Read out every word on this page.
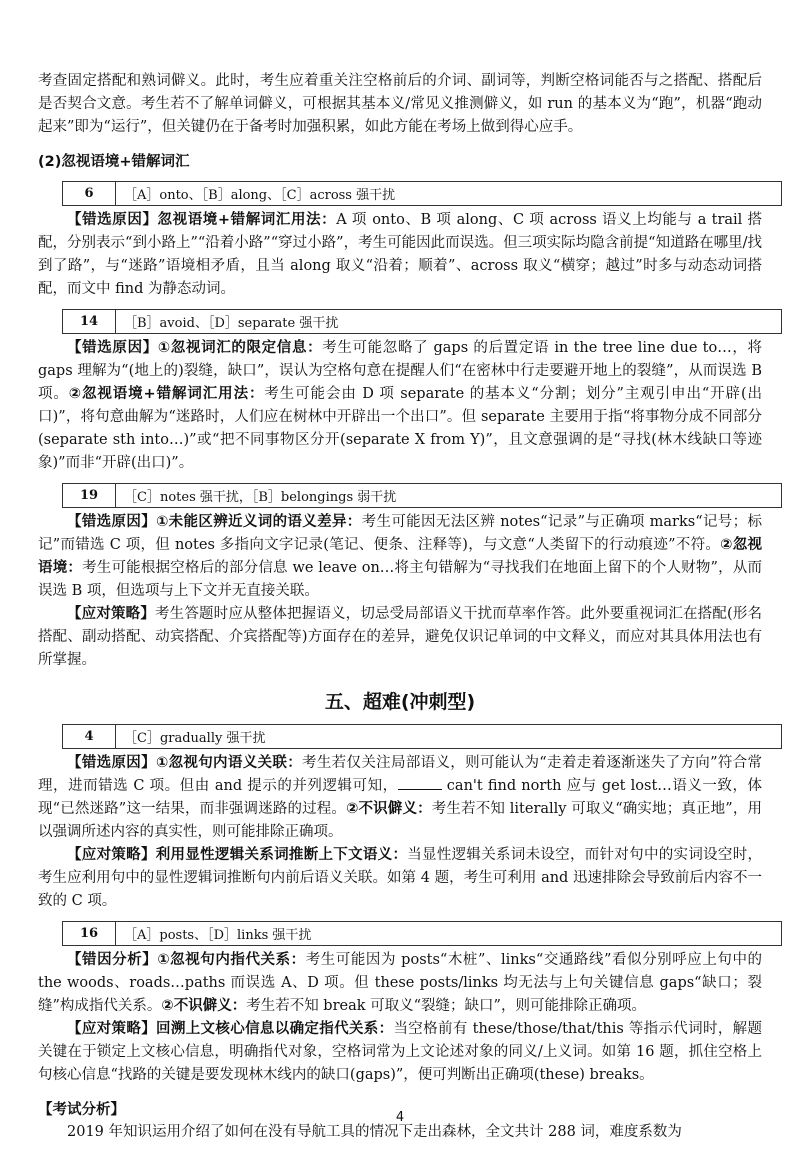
考查固定搭配和熟词僻义。此时，考生应着重关注空格前后的介词、副词等，判断空格词能否与之搭配、搭配后是否契合文意。考生若不了解单词僻义，可根据其基本义/常见义推测僻义，如 run 的基本义为“跑”，机器“跑动起来”即为“运行”，但关键仍在于备考时加强积累，如此方能在考场上做到得心应手。

(2)忽视语境+错解词汇
6	［A］onto、［B］along、［C］across 强干扰

【错选原因】忽视语境+错解词汇用法：A 项 onto、B 项 along、C 项 across 语义上均能与 a trail 搭配，分别表示“到小路上”“沿着小路”“穿过小路”，考生可能因此而误选。但三项实际均隐含前提“知道路在哪里/找到了路”，与“迷路”语境相矛盾，且当 along 取义“沿着；顺着”、across 取义“横穿；越过”时多与动态动词搭配，而文中 find 为静态动词。

14	［B］avoid、［D］separate 强干扰

【错选原因】①忽视词汇的限定信息：考生可能忽略了 gaps 的后置定语 in the tree line due to…，将 gaps 理解为“(地上的)裂缝，缺口”，误认为空格句意在提醒人们“在密林中行走要避开地上的裂缝”，从而误选 B 项。②忽视语境+错解词汇用法：考生可能会由 D 项 separate 的基本义“分割；划分”主观引申出“开辟(出口)”，将句意曲解为“迷路时，人们应在树林中开辟出一个出口”。但 separate 主要用于指“将事物分成不同部分(separate sth into…)”或“把不同事物区分开(separate X from Y)”，且文意强调的是“寻找(林木线缺口等迹象)”而非“开辟(出口)”。

19	［C］notes 强干扰，［B］belongings 弱干扰

【错选原因】①未能区辨近义词的语义差异：考生可能因无法区辨 notes“记录”与正确项 marks“记号；标记”而错选 C 项，但 notes 多指向文字记录(笔记、便条、注释等)，与文意“人类留下的行动痕迹”不符。②忽视语境：考生可能根据空格后的部分信息 we leave on…将主句错解为“寻找我们在地面上留下的个人财物”，从而误选 B 项，但选项与上下文并无直接关联。

【应对策略】考生答题时应从整体把握语义，切忌受局部语义干扰而草率作答。此外要重视词汇在搭配(形名搭配、副动搭配、动宾搭配、介宾搭配等)方面存在的差异，避免仅识记单词的中文释义，而应对其具体用法也有所掌握。

五、超难(冲刺型)
4	［C］gradually 强干扰

【错选原因】①忽视句内语义关联：考生若仅关注局部语义，则可能认为“走着走着逐渐迷失了方向”符合常理，进而错选 C 项。但由 and 提示的并列逻辑可知，	can't find north 应与 get lost…语义一致，体现“已然迷路”这一结果，而非强调迷路的过程。②不识僻义：考生若不知 literally 可取义“确实地；真正地”，用以强调所述内容的真实性，则可能排除正确项。

【应对策略】利用显性逻辑关系词推断上下文语义：当显性逻辑关系词未设空，而针对句中的实词设空时，考生应利用句中的显性逻辑词推断句内前后语义关联。如第 4 题，考生可利用 and 迅速排除会导致前后内容不一致的 C 项。

16	［A］posts、［D］links 强干扰

【错因分析】①忽视句内指代关系：考生可能因为 posts“木桩”、links“交通路线”看似分别呼应上句中的 the woods、roads…paths 而误选 A、D 项。但 these posts/links 均无法与上句关键信息 gaps“缺口；裂缝”构成指代关系。②不识僻义：考生若不知 break 可取义“裂缝；缺口”，则可能排除正确项。

【应对策略】回溯上文核心信息以确定指代关系：当空格前有 these/those/that/this 等指示代词时，解题关键在于锁定上文核心信息，明确指代对象，空格词常为上文论述对象的同义/上义词。如第 16 题，抓住空格上句核心信息“找路的关键是要发现林木线内的缺口(gaps)”，便可判断出正确项(these) breaks。

【考试分析】

2019 年知识运用介绍了如何在没有导航工具的情况下走出森林，全文共计 288 词，难度系数为

4
